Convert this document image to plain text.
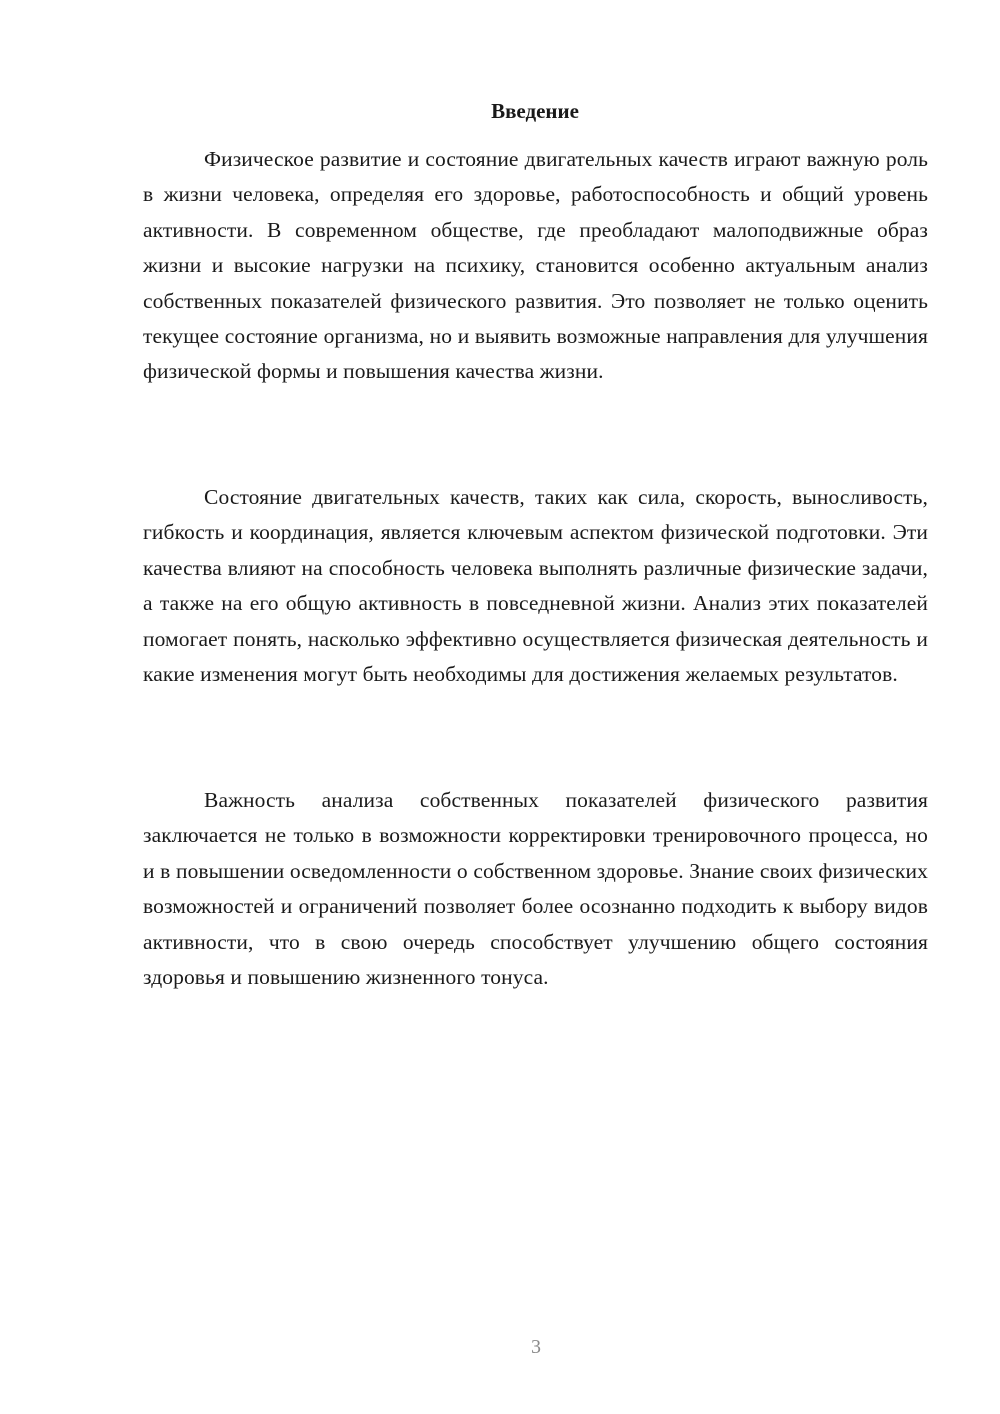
Введение

Физическое развитие и состояние двигательных качеств играют важную роль в жизни человека, определяя его здоровье, работоспособность и общий уровень активности. В современном обществе, где преобладают малоподвижные образ жизни и высокие нагрузки на психику, становится особенно актуальным анализ собственных показателей физического развития. Это позволяет не только оценить текущее состояние организма, но и выявить возможные направления для улучшения физической формы и повышения качества жизни.

Состояние двигательных качеств, таких как сила, скорость, выносливость, гибкость и координация, является ключевым аспектом физической подготовки. Эти качества влияют на способность человека выполнять различные физические задачи, а также на его общую активность в повседневной жизни. Анализ этих показателей помогает понять, насколько эффективно осуществляется физическая деятельность и какие изменения могут быть необходимы для достижения желаемых результатов.

Важность анализа собственных показателей физического развития заключается не только в возможности корректировки тренировочного процесса, но и в повышении осведомленности о собственном здоровье. Знание своих физических возможностей и ограничений позволяет более осознанно подходить к выбору видов активности, что в свою очередь способствует улучшению общего состояния здоровья и повышению жизненного тонуса.

3
